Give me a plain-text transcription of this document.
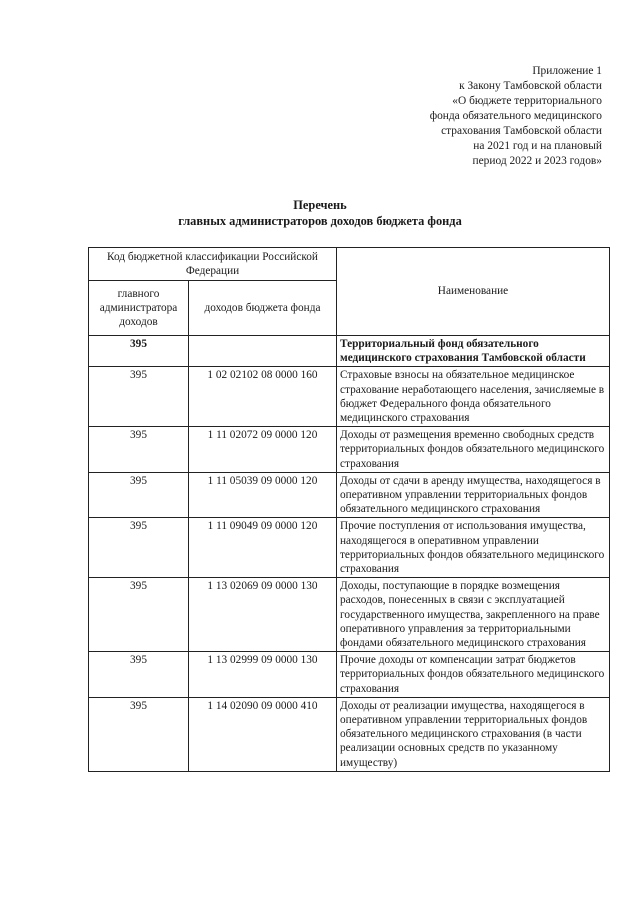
Приложение 1
к Закону Тамбовской области
«О бюджете территориального
фонда обязательного медицинского
страхования Тамбовской области
на 2021 год и на плановый
период 2022 и 2023 годов»
Перечень
главных администраторов доходов бюджета фонда
Код бюджетной классификации Российской Федерации		Наименование
главного администратора доходов	доходов бюджета фонда	
395		Территориальный фонд обязательного медицинского страхования Тамбовской области
395	1 02 02102 08 0000 160	Страховые взносы на обязательное медицинское страхование неработающего населения, зачисляемые в бюджет Федерального фонда обязательного медицинского страхования
395	1 11 02072 09 0000 120	Доходы от размещения временно свободных средств территориальных фондов обязательного медицинского страхования
395	1 11 05039 09 0000 120	Доходы от сдачи в аренду имущества, находящегося в оперативном управлении территориальных фондов обязательного медицинского страхования
395	1 11 09049 09 0000 120	Прочие поступления от использования имущества, находящегося в оперативном управлении территориальных фондов обязательного медицинского страхования
395	1 13 02069 09 0000 130	Доходы, поступающие в порядке возмещения расходов, понесенных в связи с эксплуатацией государственного имущества, закрепленного на праве оперативного управления за территориальными фондами обязательного медицинского страхования
395	1 13 02999 09 0000 130	Прочие доходы от компенсации затрат бюджетов территориальных фондов обязательного медицинского страхования
395	1 14 02090 09 0000 410	Доходы от реализации имущества, находящегося в оперативном управлении территориальных фондов обязательного медицинского страхования (в части реализации основных средств по указанному имуществу)
